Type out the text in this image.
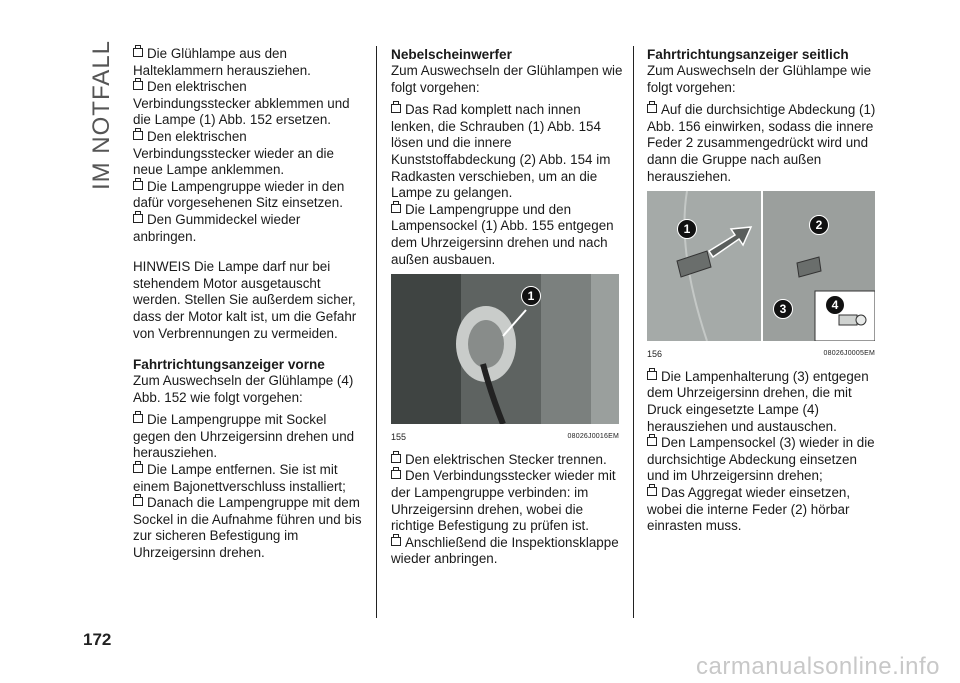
IM NOTFALL
172

Die Glühlampe aus den Halteklammern herausziehen.

Den elektrischen Verbindungsstecker abklemmen und die Lampe (1) Abb. 152 ersetzen.

Den elektrischen Verbindungsstecker wieder an die neue Lampe anklemmen.

Die Lampengruppe wieder in den dafür vorgesehenen Sitz einsetzen.

Den Gummideckel wieder anbringen.

HINWEIS Die Lampe darf nur bei stehendem Motor ausgetauscht werden. Stellen Sie außerdem sicher, dass der Motor kalt ist, um die Gefahr von Verbrennungen zu vermeiden.

Fahrtrichtungsanzeiger vorne

Zum Auswechseln der Glühlampe (4) Abb. 152 wie folgt vorgehen:

Die Lampengruppe mit Sockel gegen den Uhrzeigersinn drehen und herausziehen.

Die Lampe entfernen. Sie ist mit einem Bajonettverschluss installiert;

Danach die Lampengruppe mit dem Sockel in die Aufnahme führen und bis zur sicheren Befestigung im Uhrzeigersinn drehen.

Nebelscheinwerfer

Zum Auswechseln der Glühlampen wie folgt vorgehen:

Das Rad komplett nach innen lenken, die Schrauben (1) Abb. 154 lösen und die innere Kunststoffabdeckung (2) Abb. 154 im Radkasten verschieben, um an die Lampe zu gelangen.

Die Lampengruppe und den Lampensockel (1) Abb. 155 entgegen dem Uhrzeigersinn drehen und nach außen ausbauen.

1
155	08026J0016EM

Den elektrischen Stecker trennen.

Den Verbindungsstecker wieder mit der Lampengruppe verbinden: im Uhrzeigersinn drehen, wobei die richtige Befestigung zu prüfen ist.

Anschließend die Inspektionsklappe wieder anbringen.

Fahrtrichtungsanzeiger seitlich

Zum Auswechseln der Glühlampe wie folgt vorgehen:

Auf die durchsichtige Abdeckung (1) Abb. 156 einwirken, sodass die innere Feder 2 zusammengedrückt wird und dann die Gruppe nach außen herausziehen.

1	2
3	4
156	08026J0005EM

Die Lampenhalterung (3) entgegen dem Uhrzeigersinn drehen, die mit Druck eingesetzte Lampe (4) herausziehen und austauschen.

Den Lampensockel (3) wieder in die durchsichtige Abdeckung einsetzen und im Uhrzeigersinn drehen;

Das Aggregat wieder einsetzen, wobei die interne Feder (2) hörbar einrasten muss.

carmanualsonline.info
